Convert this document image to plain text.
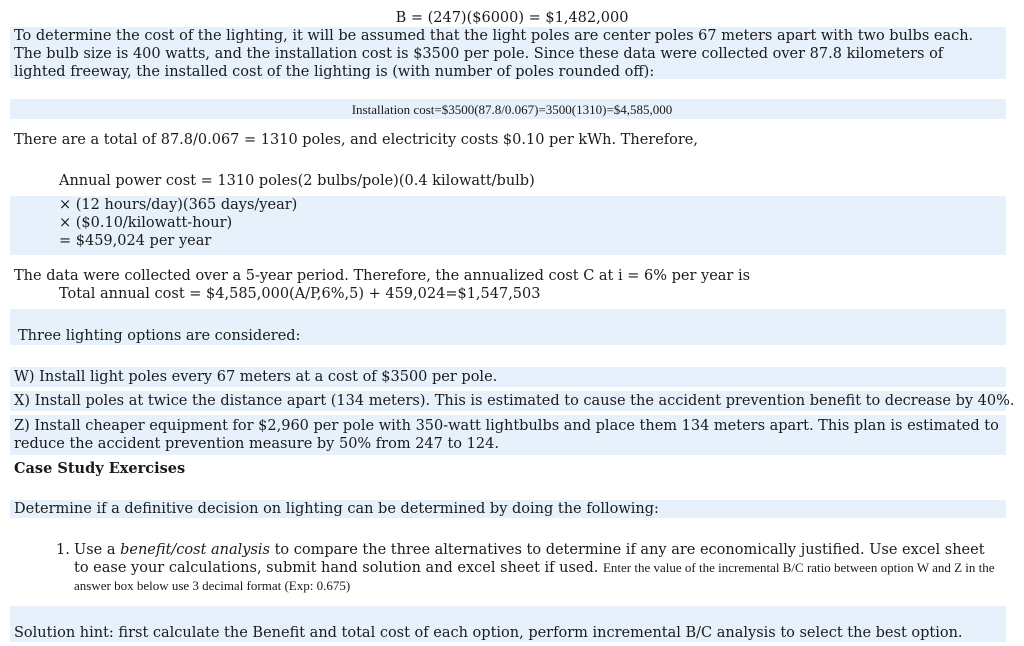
B = (247)($6000) = $1,482,000
To determine the cost of the lighting, it will be assumed that the light poles are center poles 67 meters apart with two bulbs each. The bulb size is 400 watts, and the installation cost is $3500 per pole. Since these data were collected over 87.8 kilometers of lighted freeway, the installed cost of the lighting is (with number of poles rounded off):
Installation cost=$3500(87.8/0.067)=3500(1310)=$4,585,000
There are a total of 87.8/0.067 = 1310 poles, and electricity costs $0.10 per kWh. Therefore,
Annual power cost = 1310 poles(2 bulbs/pole)(0.4 kilowatt/bulb)
× (12 hours/day)(365 days/year)
× ($0.10/kilowatt-hour)
= $459,024 per year
The data were collected over a 5-year period. Therefore, the annualized cost C at i = 6% per year is
Total annual cost = $4,585,000(A/P,6%,5) + 459,024=$1,547,503
Three lighting options are considered:
W) Install light poles every 67 meters at a cost of $3500 per pole.
X) Install poles at twice the distance apart (134 meters). This is estimated to cause the accident prevention benefit to decrease by 40%.
Z) Install cheaper equipment for $2,960 per pole with 350-watt lightbulbs and place them 134 meters apart. This plan is estimated to reduce the accident prevention measure by 50% from 247 to 124.
Case Study Exercises
Determine if a definitive decision on lighting can be determined by doing the following:
1. Use a benefit/cost analysis to compare the three alternatives to determine if any are economically justified. Use excel sheet to ease your calculations, submit hand solution and excel sheet if used. Enter the value of the incremental B/C ratio between option W and Z in the answer box below use 3 decimal format (Exp: 0.675)
Solution hint: first calculate the Benefit and total cost of each option, perform incremental B/C analysis to select the best option.
